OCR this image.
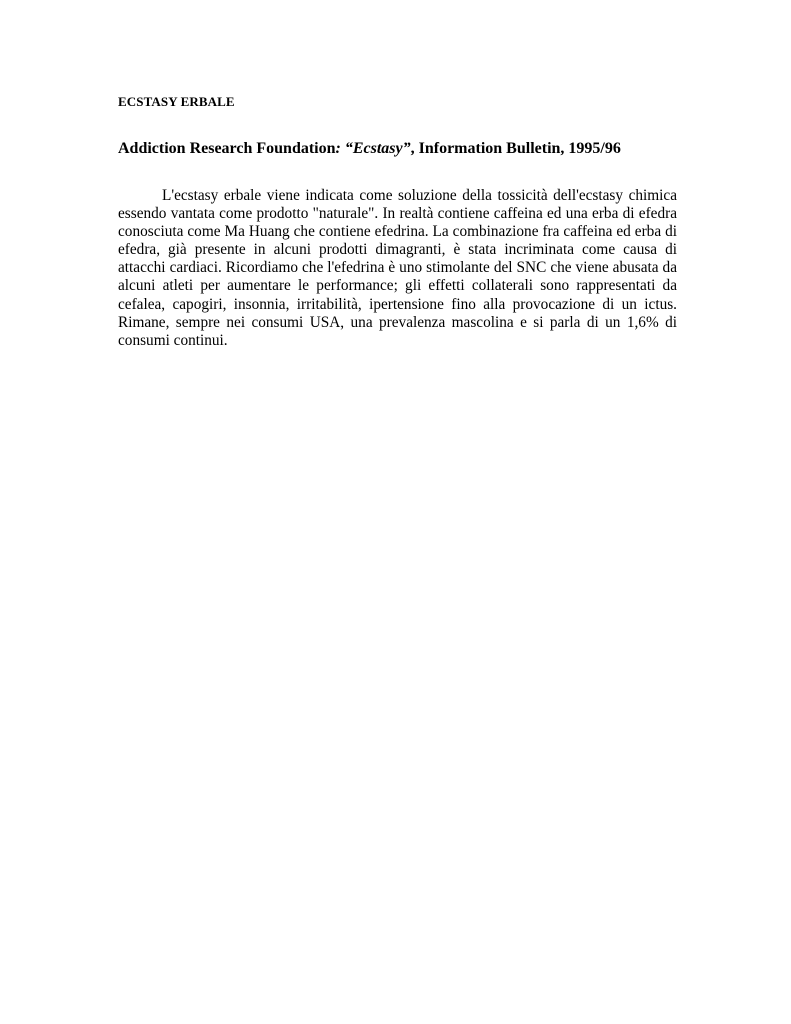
ECSTASY ERBALE
Addiction Research Foundation: “Ecstasy”, Information Bulletin, 1995/96

L'ecstasy erbale viene indicata come soluzione della tossicità dell'ecstasy chimica essendo vantata come prodotto "naturale". In realtà contiene caffeina ed una erba di efedra conosciuta come Ma Huang che contiene efedrina. La combinazione fra caffeina ed erba di efedra, già presente in alcuni prodotti dimagranti, è stata incriminata come causa di attacchi cardiaci. Ricordiamo che l'efedrina è uno stimolante del SNC che viene abusata da alcuni atleti per aumentare le performance; gli effetti collaterali sono rappresentati da cefalea, capogiri, insonnia, irritabilità, ipertensione fino alla provocazione di un ictus. Rimane, sempre nei consumi USA, una prevalenza mascolina e si parla di un 1,6% di consumi continui.
